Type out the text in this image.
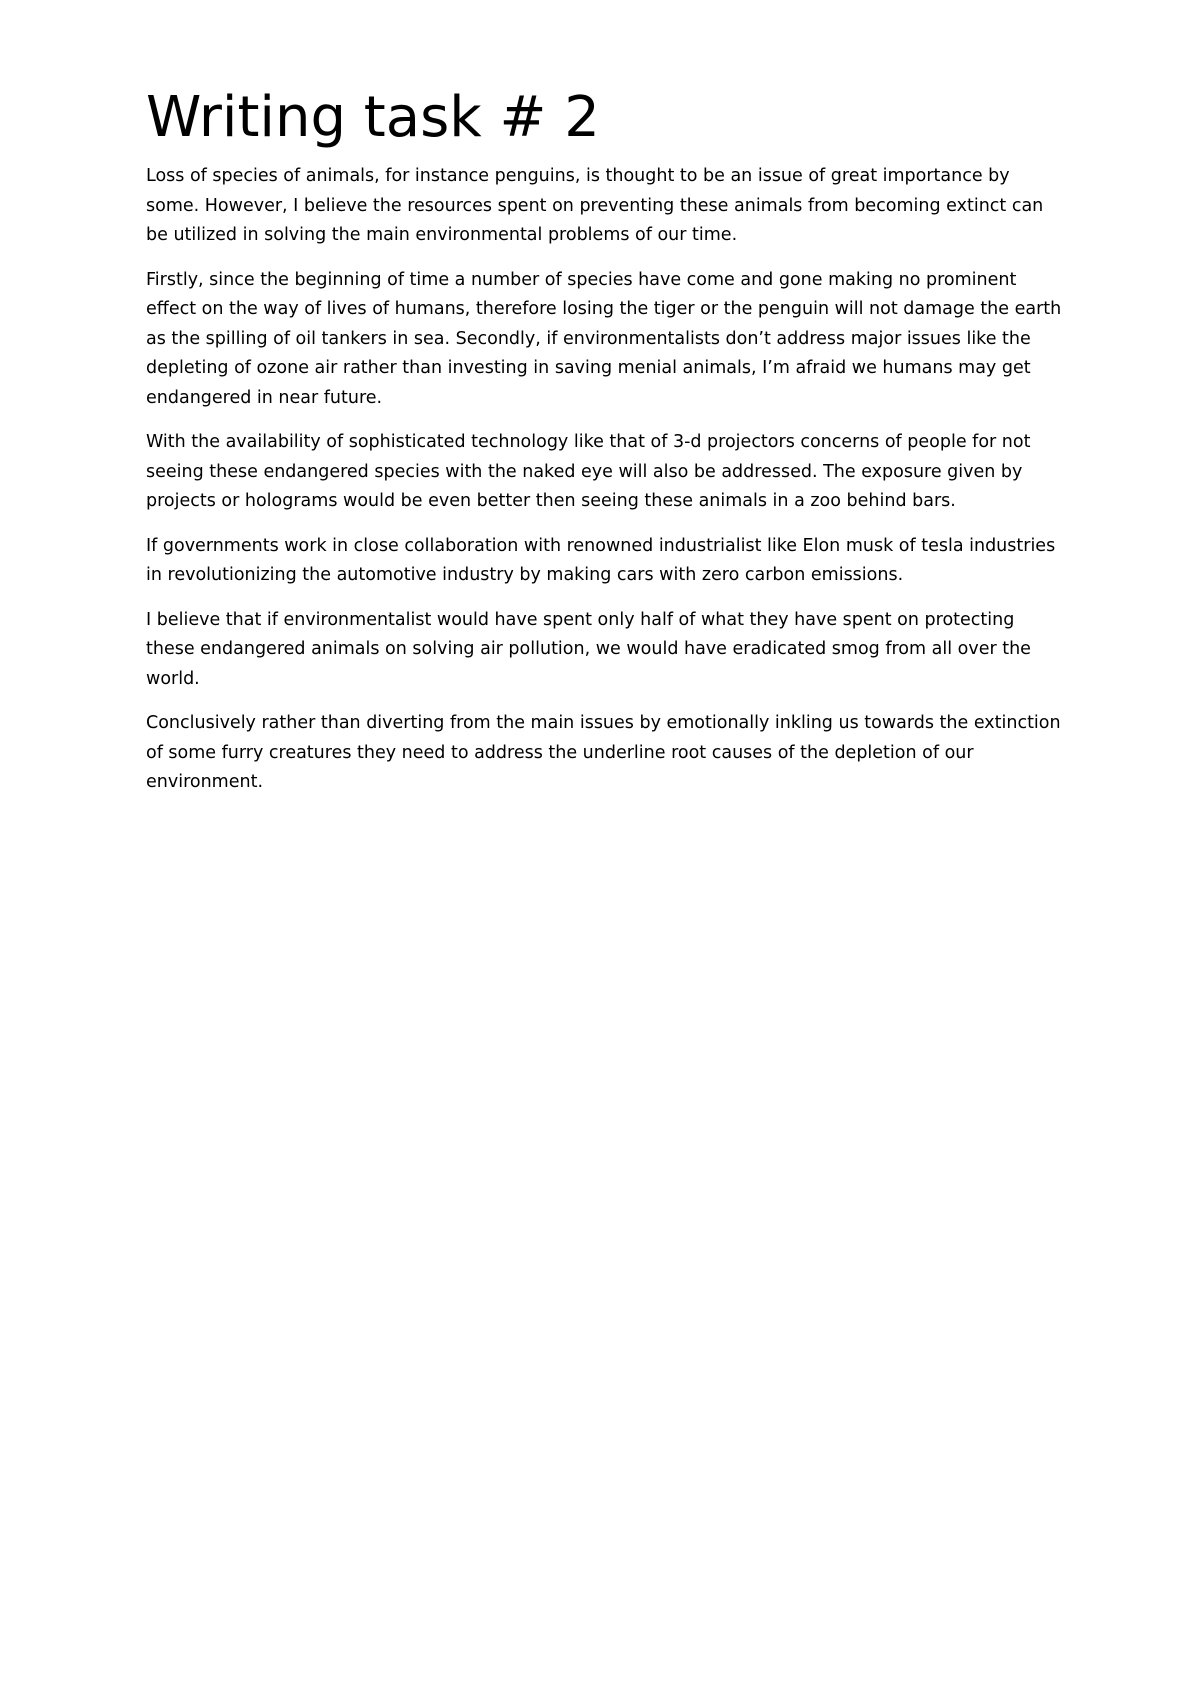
Writing task # 2

Loss of species of animals, for instance penguins, is thought to be an issue of great importance by some. However, I believe the resources spent on preventing these animals from becoming extinct can be utilized in solving the main environmental problems of our time.

Firstly, since the beginning of time a number of species have come and gone making no prominent effect on the way of lives of humans, therefore losing the tiger or the penguin will not damage the earth as the spilling of oil tankers in sea. Secondly, if environmentalists don’t address major issues like the depleting of ozone air rather than investing in saving menial animals, I’m afraid we humans may get endangered in near future.

With the availability of sophisticated technology like that of 3-d projectors concerns of people for not seeing these endangered species with the naked eye will also be addressed. The exposure given by projects or holograms would be even better then seeing these animals in a zoo behind bars.

If governments work in close collaboration with renowned industrialist like Elon musk of tesla industries in revolutionizing the automotive industry by making cars with zero carbon emissions.

I believe that if environmentalist would have spent only half of what they have spent on protecting these endangered animals on solving air pollution, we would have eradicated smog from all over the world.

Conclusively rather than diverting from the main issues by emotionally inkling us towards the extinction of some furry creatures they need to address the underline root causes of the depletion of our environment.
